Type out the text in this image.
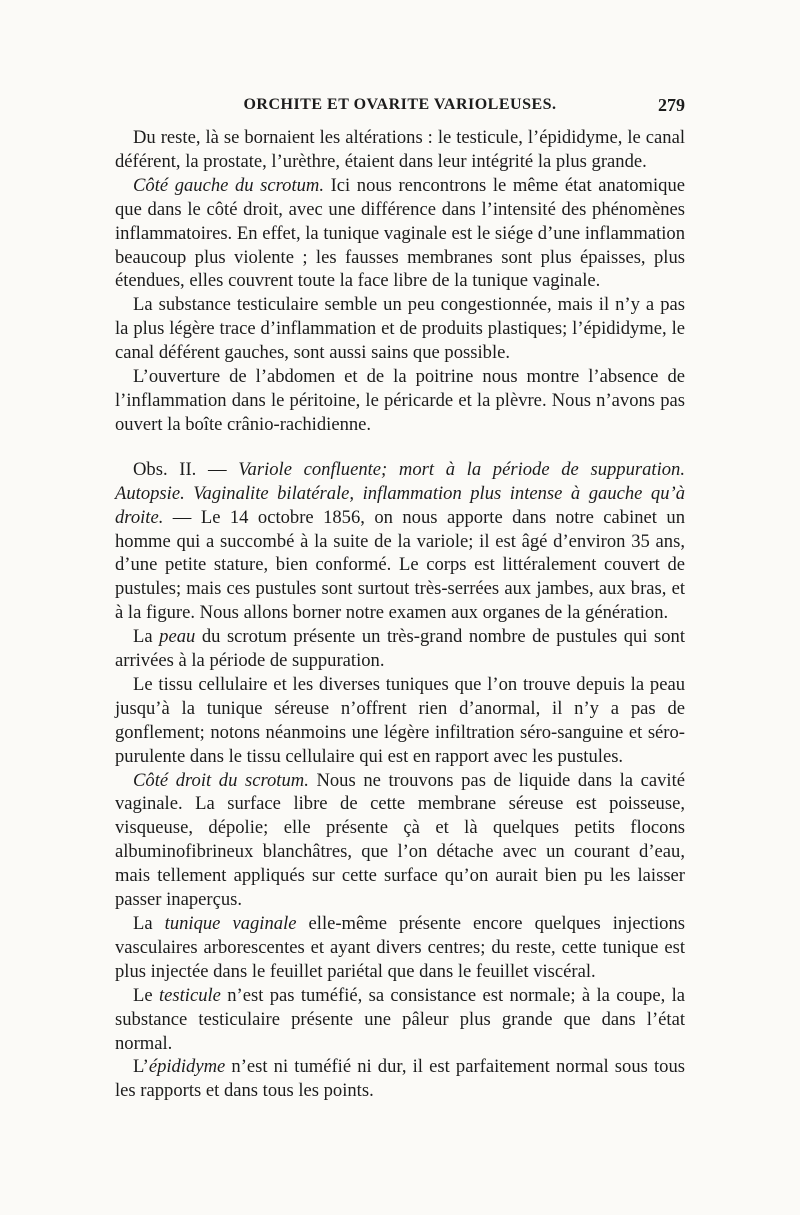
ORCHITE ET OVARITE VARIOLEUSES.	279

Du reste, là se bornaient les altérations : le testicule, l’épididyme, le canal déférent, la prostate, l’urèthre, étaient dans leur intégrité la plus grande.

Côté gauche du scrotum. Ici nous rencontrons le même état anatomique que dans le côté droit, avec une différence dans l’intensité des phénomènes inflammatoires. En effet, la tunique vaginale est le siége d’une inflammation beaucoup plus violente ; les fausses membranes sont plus épaisses, plus étendues, elles couvrent toute la face libre de la tunique vaginale.

La substance testiculaire semble un peu congestionnée, mais il n’y a pas la plus légère trace d’inflammation et de produits plastiques; l’épididyme, le canal déférent gauches, sont aussi sains que possible.

L’ouverture de l’abdomen et de la poitrine nous montre l’absence de l’inflammation dans le péritoine, le péricarde et la plèvre. Nous n’avons pas ouvert la boîte crânio-rachidienne.

Obs. II. — Variole confluente; mort à la période de suppuration. Autopsie. Vaginalite bilatérale, inflammation plus intense à gauche qu’à droite. — Le 14 octobre 1856, on nous apporte dans notre cabinet un homme qui a succombé à la suite de la variole; il est âgé d’environ 35 ans, d’une petite stature, bien conformé. Le corps est littéralement couvert de pustules; mais ces pustules sont surtout très-serrées aux jambes, aux bras, et à la figure. Nous allons borner notre examen aux organes de la génération.

La peau du scrotum présente un très-grand nombre de pustules qui sont arrivées à la période de suppuration.

Le tissu cellulaire et les diverses tuniques que l’on trouve depuis la peau jusqu’à la tunique séreuse n’offrent rien d’anormal, il n’y a pas de gonflement; notons néanmoins une légère infiltration séro-sanguine et séro-purulente dans le tissu cellulaire qui est en rapport avec les pustules.

Côté droit du scrotum. Nous ne trouvons pas de liquide dans la cavité vaginale. La surface libre de cette membrane séreuse est poisseuse, visqueuse, dépolie; elle présente çà et là quelques petits flocons albuminofibrineux blanchâtres, que l’on détache avec un courant d’eau, mais tellement appliqués sur cette surface qu’on aurait bien pu les laisser passer inaperçus.

La tunique vaginale elle-même présente encore quelques injections vasculaires arborescentes et ayant divers centres; du reste, cette tunique est plus injectée dans le feuillet pariétal que dans le feuillet viscéral.

Le testicule n’est pas tuméfié, sa consistance est normale; à la coupe, la substance testiculaire présente une pâleur plus grande que dans l’état normal.

L’épididyme n’est ni tuméfié ni dur, il est parfaitement normal sous tous les rapports et dans tous les points.
